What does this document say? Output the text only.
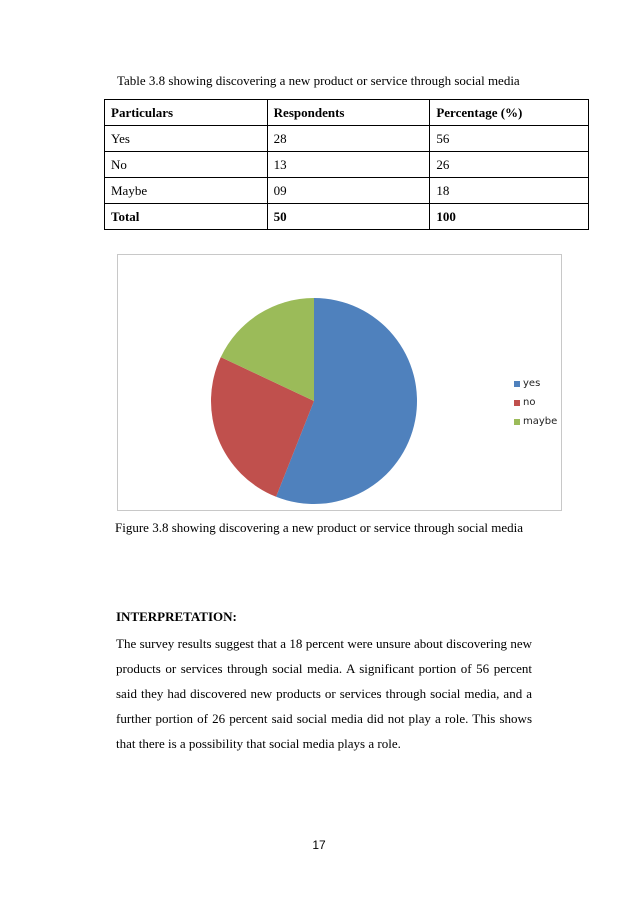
Table 3.8 showing discovering a new product or service through social media
Particulars	Respondents	Percentage (%)
Yes	28	56
No	13	26
Maybe	09	18
Total	50	100
yes
no
maybe
Figure 3.8 showing discovering a new product or service through social media
INTERPRETATION:
The survey results suggest that a 18 percent were unsure about discovering new products or services through social media. A significant portion of 56 percent said they had discovered new products or services through social media, and a further portion of 26 percent said social media did not play a role. This shows that there is a possibility that social media plays a role.
17
